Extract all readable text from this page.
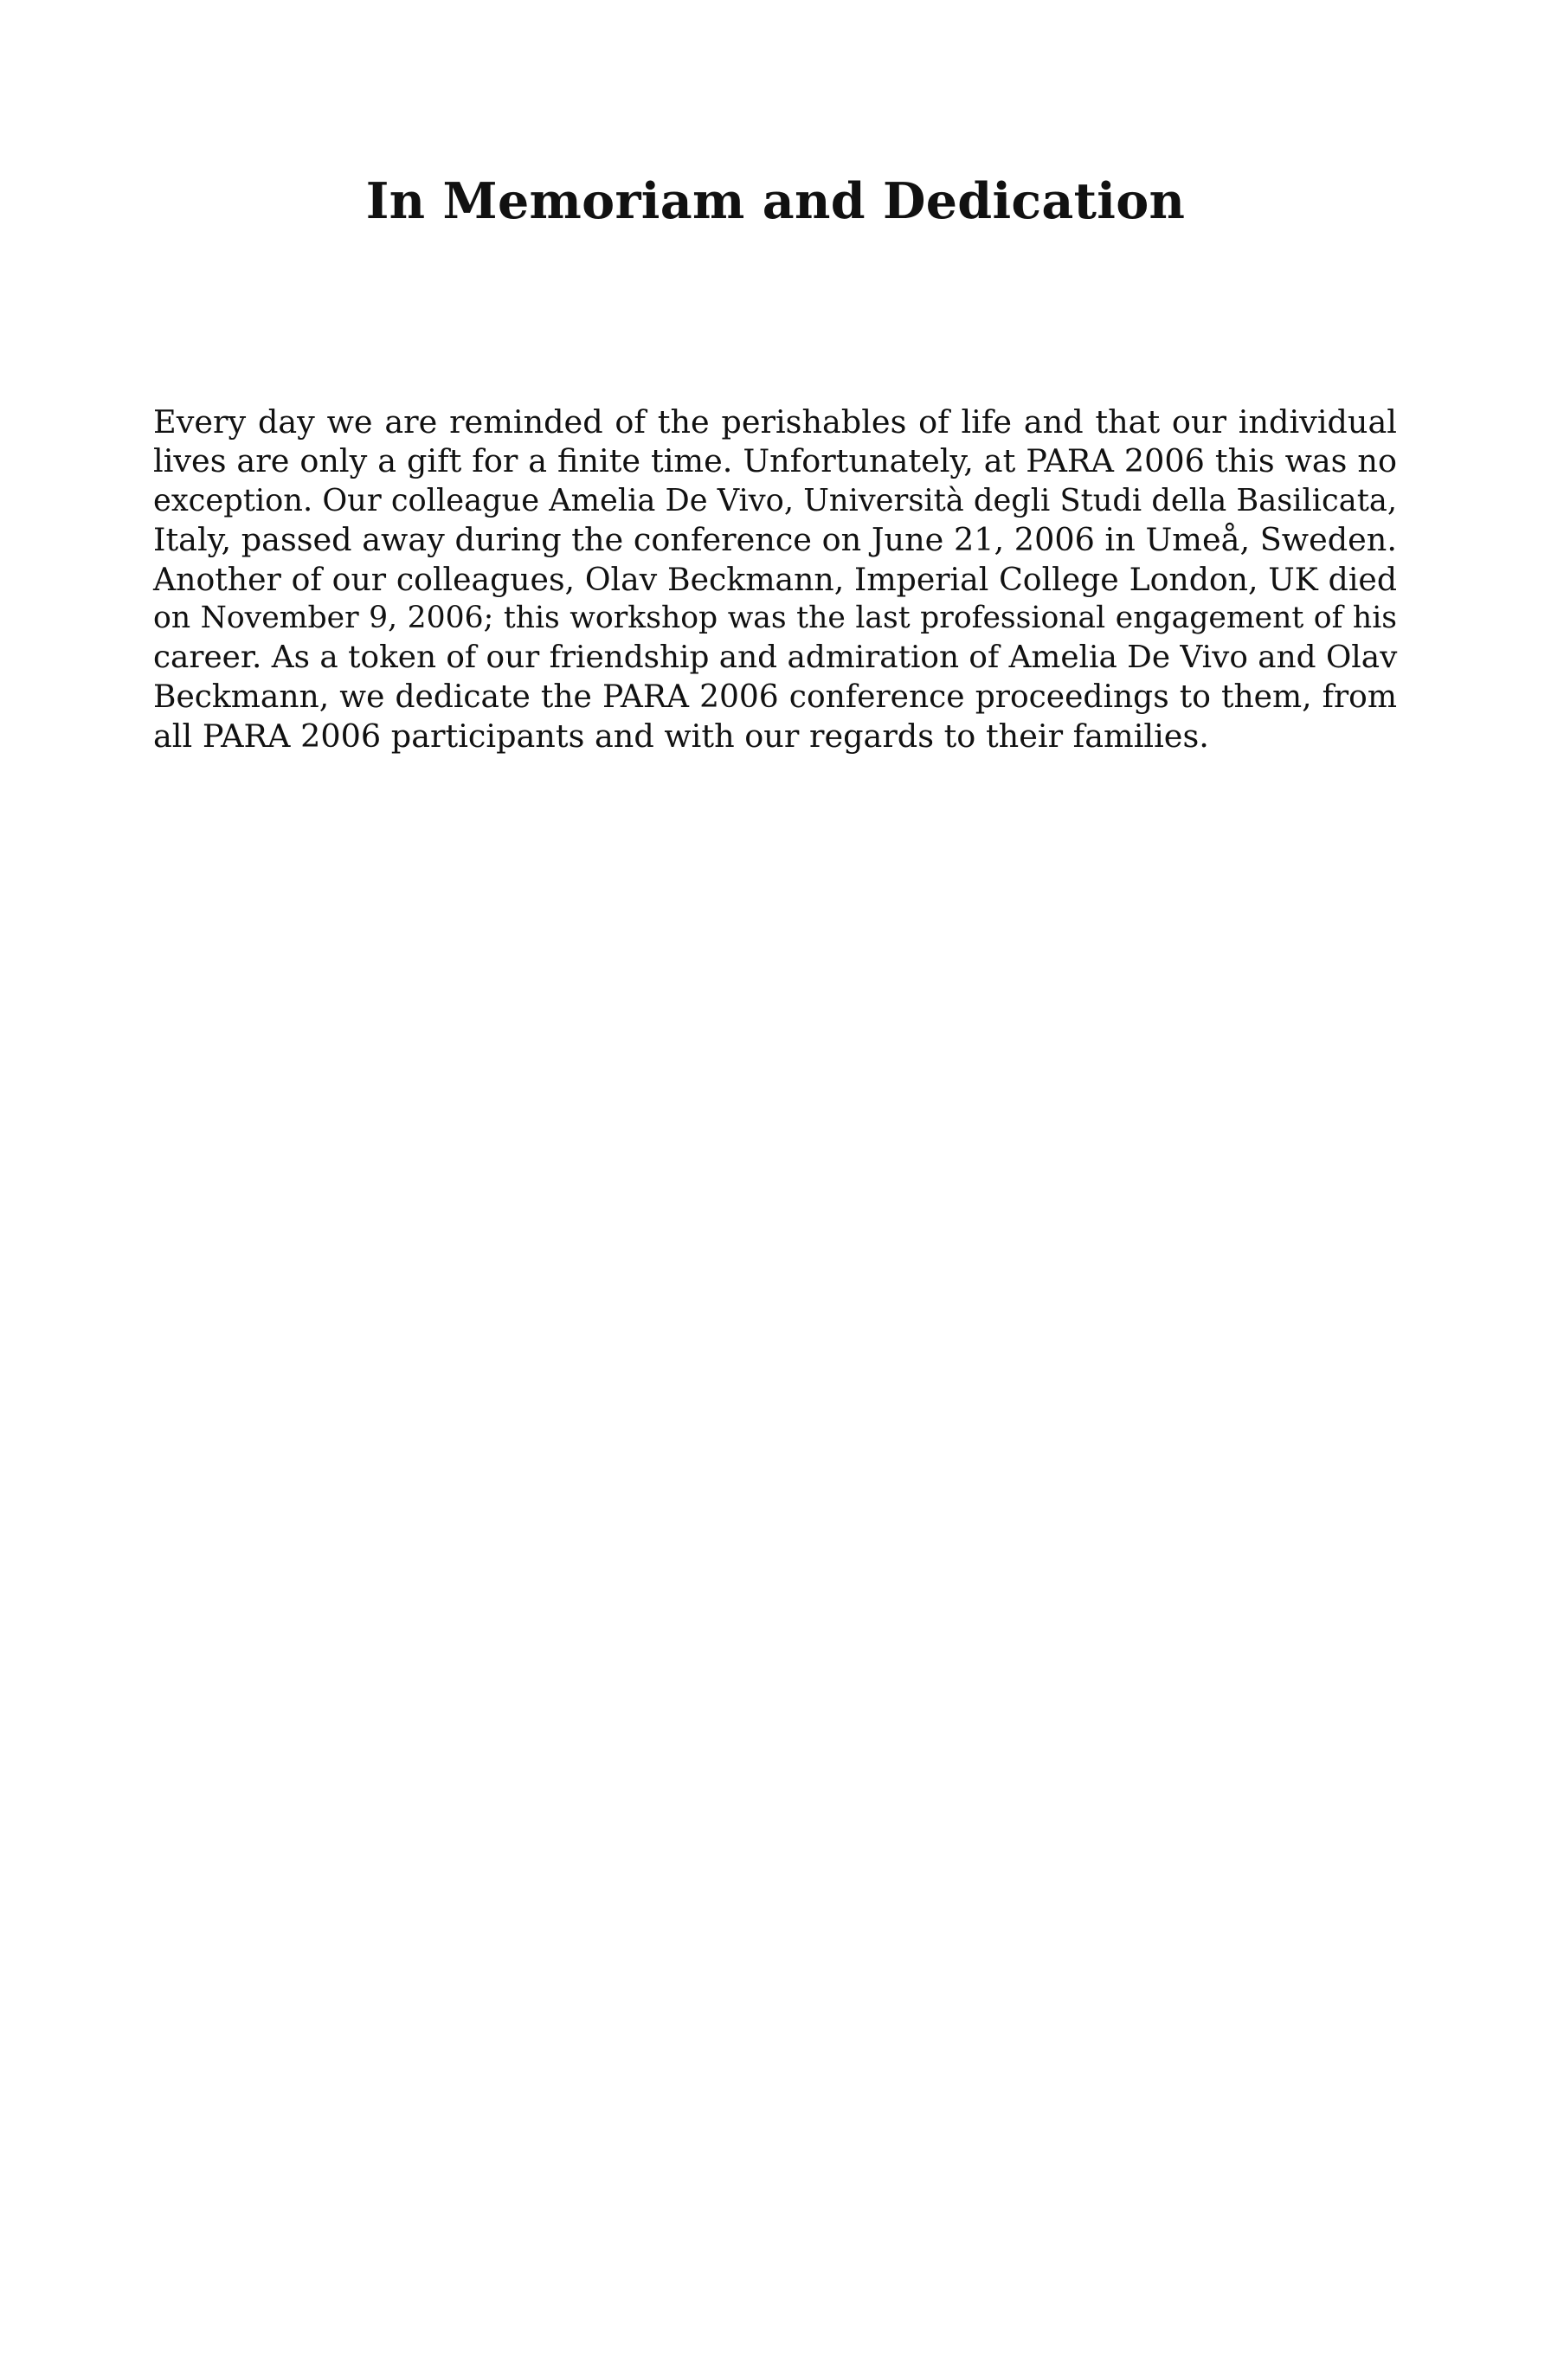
In Memoriam and Dedication
Every day we are reminded of the perishables of life and that our individual
lives are only a gift for a finite time. Unfortunately, at PARA 2006 this was no
exception. Our colleague Amelia De Vivo, Università degli Studi della Basilicata,
Italy, passed away during the conference on June 21, 2006 in Umeå, Sweden.
Another of our colleagues, Olav Beckmann, Imperial College London, UK died
on November 9, 2006; this workshop was the last professional engagement of his
career. As a token of our friendship and admiration of Amelia De Vivo and Olav
Beckmann, we dedicate the PARA 2006 conference proceedings to them, from
all PARA 2006 participants and with our regards to their families.
